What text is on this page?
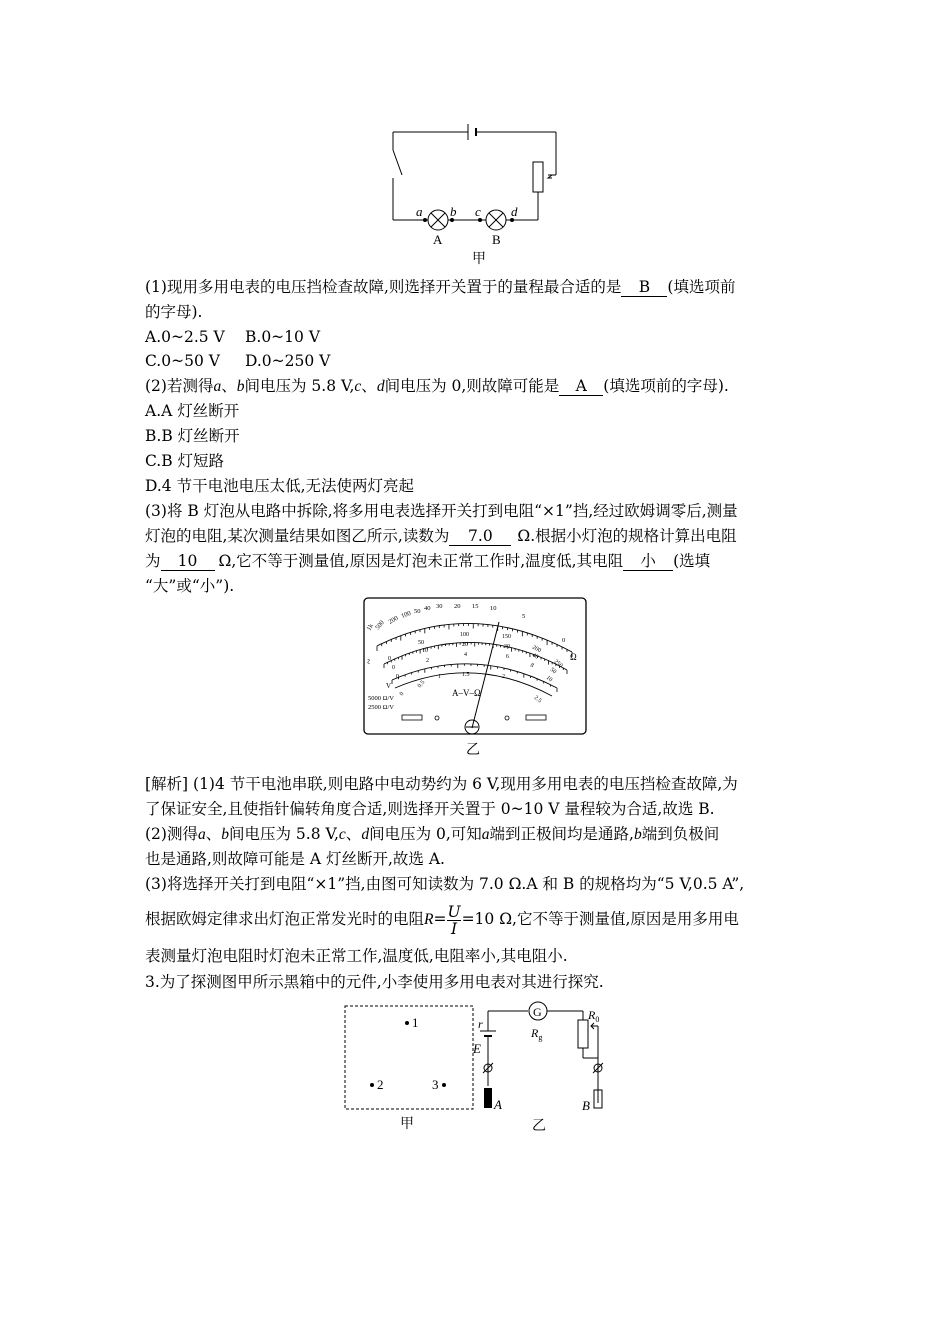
a b c d
A	B
甲
(1)现用多用电表的电压挡检查故障,则选择开关置于的量程最合适的是 B (填选项前
的字母).
A.0~2.5 V B.0~10 V
C.0~50 V D.0~250 V
(2)若测得a、b间电压为 5.8 V,c、d间电压为 0,则故障可能是 A (填选项前的字母).
A.A 灯丝断开
B.B 灯丝断开
C.B 灯短路
D.4 节干电池电压太低,无法使两灯亮起
(3)将 B 灯泡从电路中拆除,将多用电表选择开关打到电阻“×1”挡,经过欧姆调零后,测量
灯泡的电阻,某次测量结果如图乙所示,读数为 7.0 Ω.根据小灯泡的规格计算出电阻
为 10 Ω,它不等于测量值,原因是灯泡未正常工作时,温度低,其电阻 小 (选填
“大”或“小”).
1k 500 200 100 50 40 30 20 15 10
5
0
Ω
0
50
100	150
200
250
0
10
20	30
40
50
0
2
4	6
8
10
0
0.5
1	1.5	2
2.5
~
V
A–V–Ω
5000 Ω/V
2500 Ω/V
乙
[解析] (1)4 节干电池串联,则电路中电动势约为 6 V,现用多用电表的电压挡检查故障,为
了保证安全,且使指针偏转角度合适,则选择开关置于 0~10 V 量程较为合适,故选 B.
(2)测得a、b间电压为 5.8 V,c、d间电压为 0,可知a端到正极间均是通路,b端到负极间
也是通路,则故障可能是 A 灯丝断开,故选 A.
(3)将选择开关打到电阻“×1”挡,由图可知读数为 7.0 Ω.A 和 B 的规格均为“5 V,0.5 A”,
根据欧姆定律求出灯泡正常发光时的电阻$R= \frac{U}{I} =10$ Ω,它不等于测量值,原因是用多用电
表测量灯泡电阻时灯泡未正常工作,温度低,电阻率小,其电阻小.
3.为了探测图甲所示黑箱中的元件,小李使用多用电表对其进行探究.
1
2	3
甲
G
r
E
$R_g$
$R_0$
A	B
乙
